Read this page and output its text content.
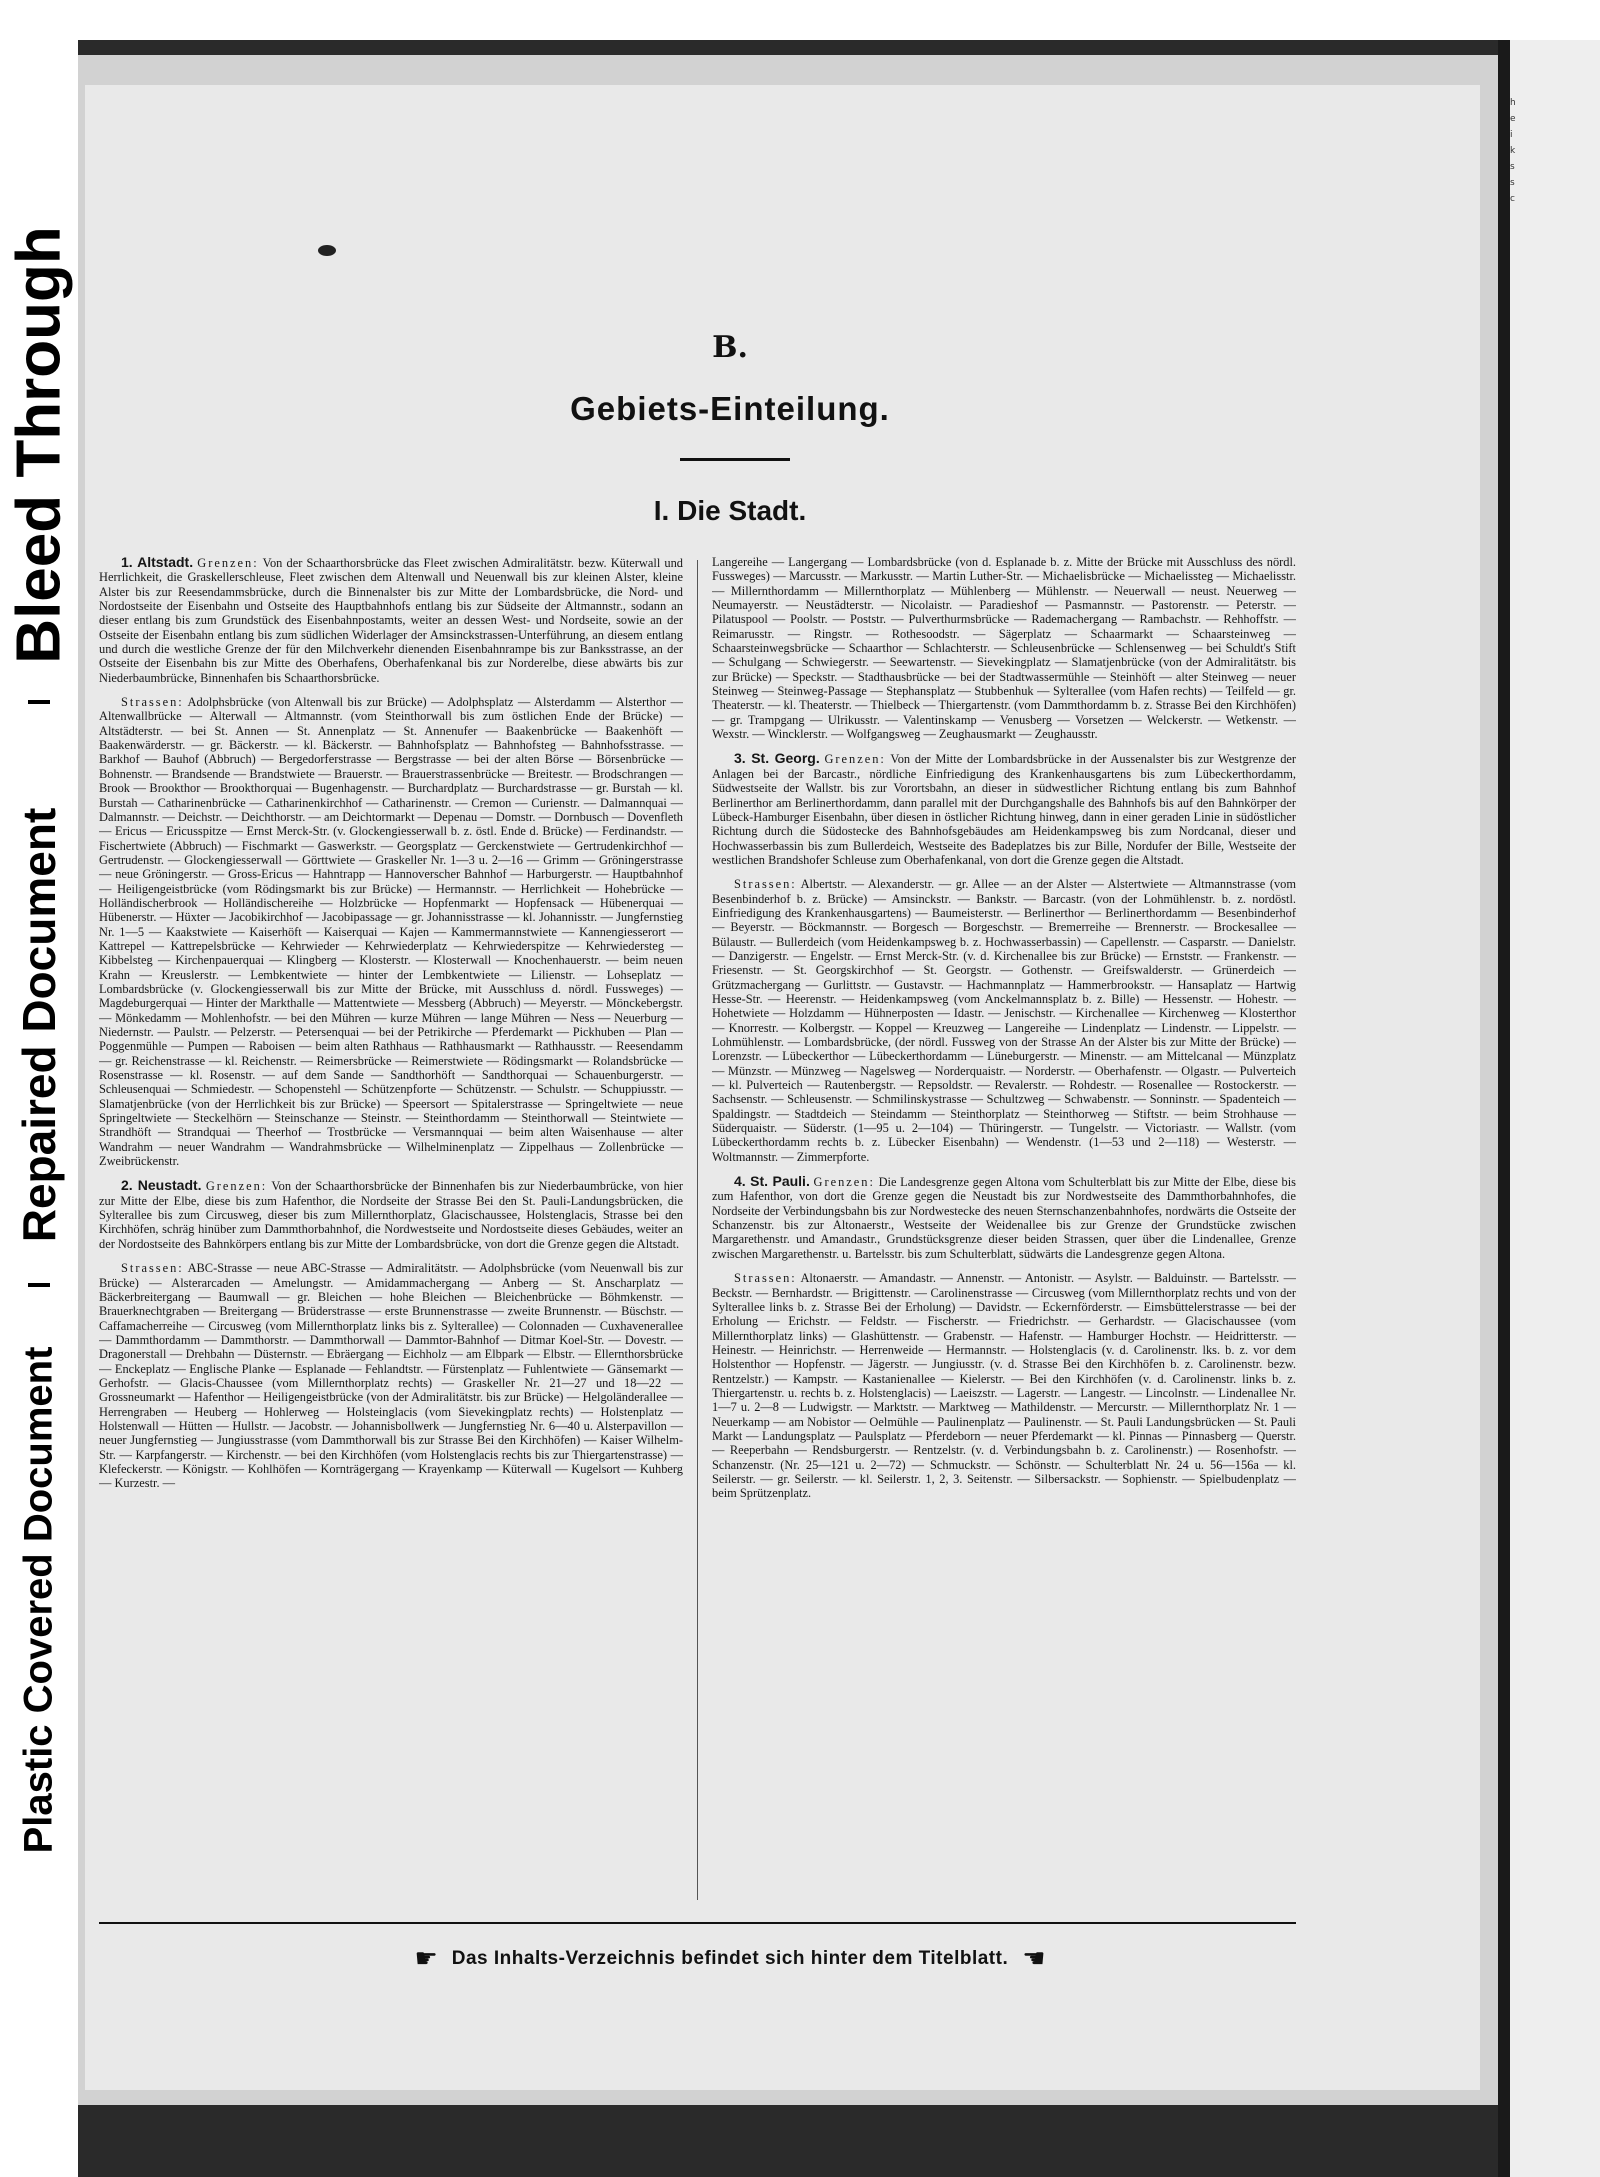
Bleed Through
Repaired Document
Plastic Covered Document
h
e
i
k
s
s
c
B.
Gebiets-Einteilung.
I. Die Stadt.

1. Altstadt. Grenzen: Von der Schaarthorsbrücke das Fleet zwischen Admiralitätstr. bezw. Küterwall und Herrlichkeit, die Graskellerschleuse, Fleet zwischen dem Altenwall und Neuenwall bis zur kleinen Alster, kleine Alster bis zur Reesendammsbrücke, durch die Binnenalster bis zur Mitte der Lombardsbrücke, die Nord- und Nordostseite der Eisenbahn und Ostseite des Hauptbahnhofs entlang bis zur Südseite der Altmannstr., sodann an dieser entlang bis zum Grundstück des Eisenbahnpostamts, weiter an dessen West- und Nordseite, sowie an der Ostseite der Eisenbahn entlang bis zum südlichen Widerlager der Amsinckstrassen-Unterführung, an diesem entlang und durch die westliche Grenze der für den Milchverkehr dienenden Eisenbahnrampe bis zur Banksstrasse, an der Ostseite der Eisenbahn bis zur Mitte des Oberhafens, Oberhafenkanal bis zur Norderelbe, diese abwärts bis zur Niederbaumbrücke, Binnenhafen bis Schaarthorsbrücke.

Strassen: Adolphsbrücke (von Altenwall bis zur Brücke) — Adolphsplatz — Alsterdamm — Alsterthor — Altenwallbrücke — Alterwall — Altmannstr. (vom Steinthorwall bis zum östlichen Ende der Brücke) — Altstädterstr. — bei St. Annen — St. Annenplatz — St. Annenufer — Baakenbrücke — Baakenhöft — Baakenwärderstr. — gr. Bäckerstr. — kl. Bäckerstr. — Bahnhofsplatz — Bahnhofsteg — Bahnhofsstrasse. — Barkhof — Bauhof (Abbruch) — Bergedorferstrasse — Bergstrasse — bei der alten Börse — Börsenbrücke — Bohnenstr. — Brandsende — Brandstwiete — Brauerstr. — Brauerstrassenbrücke — Breitestr. — Brodschrangen — Brook — Brookthor — Brookthorquai — Bugenhagenstr. — Burchardplatz — Burchardstrasse — gr. Burstah — kl. Burstah — Catharinenbrücke — Catharinenkirchhof — Catharinenstr. — Cremon — Curienstr. — Dalmannquai — Dalmannstr. — Deichstr. — Deichthorstr. — am Deichtormarkt — Depenau — Domstr. — Dornbusch — Dovenfleth — Ericus — Ericusspitze — Ernst Merck-Str. (v. Glockengiesserwall b. z. östl. Ende d. Brücke) — Ferdinandstr. — Fischertwiete (Abbruch) — Fischmarkt — Gaswerkstr. — Georgsplatz — Gerckenstwiete — Gertrudenkirchhof — Gertrudenstr. — Glockengiesserwall — Görttwiete — Graskeller Nr. 1—3 u. 2—16 — Grimm — Gröningerstrasse — neue Gröningerstr. — Gross-Ericus — Hahntrapp — Hannoverscher Bahnhof — Harburgerstr. — Hauptbahnhof — Heiligengeistbrücke (vom Rödingsmarkt bis zur Brücke) — Hermannstr. — Herrlichkeit — Hohebrücke — Holländischerbrook — Holländischereihe — Holzbrücke — Hopfenmarkt — Hopfensack — Hübenerquai — Hübenerstr. — Hüxter — Jacobikirchhof — Jacobipassage — gr. Johannisstrasse — kl. Johannisstr. — Jungfernstieg Nr. 1—5 — Kaakstwiete — Kaiserhöft — Kaiserquai — Kajen — Kammermannstwiete — Kannengiesserort — Kattrepel — Kattrepelsbrücke — Kehrwieder — Kehrwiederplatz — Kehrwiederspitze — Kehrwiedersteg — Kibbelsteg — Kirchenpauerquai — Klingberg — Klosterstr. — Klosterwall — Knochenhauerstr. — beim neuen Krahn — Kreuslerstr. — Lembkentwiete — hinter der Lembkentwiete — Lilienstr. — Lohseplatz — Lombardsbrücke (v. Glockengiesserwall bis zur Mitte der Brücke, mit Ausschluss d. nördl. Fussweges) — Magdeburgerquai — Hinter der Markthalle — Mattentwiete — Messberg (Abbruch) — Meyerstr. — Mönckebergstr. — Mönkedamm — Mohlenhofstr. — bei den Mühren — kurze Mühren — lange Mühren — Ness — Neuerburg — Niedernstr. — Paulstr. — Pelzerstr. — Petersenquai — bei der Petrikirche — Pferdemarkt — Pickhuben — Plan — Poggenmühle — Pumpen — Raboisen — beim alten Rathhaus — Rathhausmarkt — Rathhausstr. — Reesendamm — gr. Reichenstrasse — kl. Reichenstr. — Reimersbrücke — Reimerstwiete — Rödingsmarkt — Rolandsbrücke — Rosenstrasse — kl. Rosenstr. — auf dem Sande — Sandthorhöft — Sandthorquai — Schauenburgerstr. — Schleusenquai — Schmiedestr. — Schopenstehl — Schützenpforte — Schützenstr. — Schulstr. — Schuppiusstr. — Slamatjenbrücke (von der Herrlichkeit bis zur Brücke) — Speersort — Spitalerstrasse — Springeltwiete — neue Springeltwiete — Steckelhörn — Steinschanze — Steinstr. — Steinthordamm — Steinthorwall — Steintwiete — Strandhöft — Strandquai — Theerhof — Trostbrücke — Versmannquai — beim alten Waisenhause — alter Wandrahm — neuer Wandrahm — Wandrahmsbrücke — Wilhelminenplatz — Zippelhaus — Zollenbrücke — Zweibrückenstr.

2. Neustadt. Grenzen: Von der Schaarthorsbrücke der Binnenhafen bis zur Niederbaumbrücke, von hier zur Mitte der Elbe, diese bis zum Hafenthor, die Nordseite der Strasse Bei den St. Pauli-Landungsbrücken, die Sylterallee bis zum Circusweg, dieser bis zum Millernthorplatz, Glacischaussee, Holstenglacis, Strasse bei den Kirchhöfen, schräg hinüber zum Dammthorbahnhof, die Nordwestseite und Nordostseite dieses Gebäudes, weiter an der Nordostseite des Bahnkörpers entlang bis zur Mitte der Lombardsbrücke, von dort die Grenze gegen die Altstadt.

Strassen: ABC-Strasse — neue ABC-Strasse — Admiralitätstr. — Adolphsbrücke (vom Neuenwall bis zur Brücke) — Alsterarcaden — Amelungstr. — Amidammachergang — Anberg — St. Anscharplatz — Bäckerbreitergang — Baumwall — gr. Bleichen — hohe Bleichen — Bleichenbrücke — Böhmkenstr. — Brauerknechtgraben — Breitergang — Brüderstrasse — erste Brunnenstrasse — zweite Brunnenstr. — Büschstr. — Caffamacherreihe — Circusweg (vom Millernthorplatz links bis z. Sylterallee) — Colonnaden — Cuxhavenerallee — Dammthordamm — Dammthorstr. — Dammthorwall — Dammtor-Bahnhof — Ditmar Koel-Str. — Dovestr. — Dragonerstall — Drehbahn — Düsternstr. — Ebräergang — Eichholz — am Elbpark — Elbstr. — Ellernthorsbrücke — Enckeplatz — Englische Planke — Esplanade — Fehlandtstr. — Fürstenplatz — Fuhlentwiete — Gänsemarkt — Gerhofstr. — Glacis-Chaussee (vom Millernthorplatz rechts) — Graskeller Nr. 21—27 und 18—22 — Grossneumarkt — Hafenthor — Heiligengeistbrücke (von der Admiralitätstr. bis zur Brücke) — Helgoländerallee — Herrengraben — Heuberg — Hohlerweg — Holsteinglacis (vom Sievekingplatz rechts) — Holstenplatz — Holstenwall — Hütten — Hullstr. — Jacobstr. — Johannisbollwerk — Jungfernstieg Nr. 6—40 u. Alsterpavillon — neuer Jungfernstieg — Jungiusstrasse (vom Dammthorwall bis zur Strasse Bei den Kirchhöfen) — Kaiser Wilhelm-Str. — Karpfangerstr. — Kirchenstr. — bei den Kirchhöfen (vom Holstenglacis rechts bis zur Thiergartenstrasse) — Klefeckerstr. — Königstr. — Kohlhöfen — Kornträgergang — Krayenkamp — Küterwall — Kugelsort — Kuhberg — Kurzestr. —

Langereihe — Langergang — Lombardsbrücke (von d. Esplanade b. z. Mitte der Brücke mit Ausschluss des nördl. Fussweges) — Marcusstr. — Markusstr. — Martin Luther-Str. — Michaelisbrücke — Michaelissteg — Michaelisstr. — Millernthordamm — Millernthorplatz — Mühlenberg — Mühlenstr. — Neuerwall — neust. Neuerweg — Neumayerstr. — Neustädterstr. — Nicolaistr. — Paradieshof — Pasmannstr. — Pastorenstr. — Peterstr. — Pilatuspool — Poolstr. — Poststr. — Pulverthurmsbrücke — Rademachergang — Rambachstr. — Rehhoffstr. — Reimarusstr. — Ringstr. — Rothesoodstr. — Sägerplatz — Schaarmarkt — Schaarsteinweg — Schaarsteinwegsbrücke — Schaarthor — Schlachterstr. — Schleusenbrücke — Schlensenweg — bei Schuldt's Stift — Schulgang — Schwiegerstr. — Seewartenstr. — Sievekingplatz — Slamatjenbrücke (von der Admiralitätstr. bis zur Brücke) — Speckstr. — Stadthausbrücke — bei der Stadtwassermühle — Steinhöft — alter Steinweg — neuer Steinweg — Steinweg-Passage — Stephansplatz — Stubbenhuk — Sylterallee (vom Hafen rechts) — Teilfeld — gr. Theaterstr. — kl. Theaterstr. — Thielbeck — Thiergartenstr. (vom Dammthordamm b. z. Strasse Bei den Kirchhöfen) — gr. Trampgang — Ulrikusstr. — Valentinskamp — Venusberg — Vorsetzen — Welckerstr. — Wetkenstr. — Wexstr. — Wincklerstr. — Wolfgangsweg — Zeughausmarkt — Zeughausstr.

3. St. Georg. Grenzen: Von der Mitte der Lombardsbrücke in der Aussenalster bis zur Westgrenze der Anlagen bei der Barcastr., nördliche Einfriedigung des Krankenhausgartens bis zum Lübeckerthordamm, Südwestseite der Wallstr. bis zur Vorortsbahn, an dieser in südwestlicher Richtung entlang bis zum Bahnhof Berlinerthor am Berlinerthordamm, dann parallel mit der Durchgangshalle des Bahnhofs bis auf den Bahnkörper der Lübeck-Hamburger Eisenbahn, über diesen in östlicher Richtung hinweg, dann in einer geraden Linie in südöstlicher Richtung durch die Südostecke des Bahnhofsgebäudes am Heidenkampsweg bis zum Nordcanal, dieser und Hochwasserbassin bis zum Bullerdeich, Westseite des Badeplatzes bis zur Bille, Nordufer der Bille, Westseite der westlichen Brandshofer Schleuse zum Oberhafenkanal, von dort die Grenze gegen die Altstadt.

Strassen: Albertstr. — Alexanderstr. — gr. Allee — an der Alster — Alstertwiete — Altmannstrasse (vom Besenbinderhof b. z. Brücke) — Amsinckstr. — Bankstr. — Barcastr. (von der Lohmühlenstr. b. z. nordöstl. Einfriedigung des Krankenhausgartens) — Baumeisterstr. — Berlinerthor — Berlinerthordamm — Besenbinderhof — Beyerstr. — Böckmannstr. — Borgesch — Borgeschstr. — Bremerreihe — Brennerstr. — Brockesallee — Bülaustr. — Bullerdeich (vom Heidenkampsweg b. z. Hochwasserbassin) — Capellenstr. — Casparstr. — Danielstr. — Danzigerstr. — Engelstr. — Ernst Merck-Str. (v. d. Kirchenallee bis zur Brücke) — Ernststr. — Frankenstr. — Friesenstr. — St. Georgskirchhof — St. Georgstr. — Gothenstr. — Greifswalderstr. — Grünerdeich — Grützmachergang — Gurlittstr. — Gustavstr. — Hachmannplatz — Hammerbrookstr. — Hansaplatz — Hartwig Hesse-Str. — Heerenstr. — Heidenkampsweg (vom Anckelmannsplatz b. z. Bille) — Hessenstr. — Hohestr. — Hohetwiete — Holzdamm — Hühnerposten — Idastr. — Jenischstr. — Kirchenallee — Kirchenweg — Klosterthor — Knorrestr. — Kolbergstr. — Koppel — Kreuzweg — Langereihe — Lindenplatz — Lindenstr. — Lippelstr. — Lohmühlenstr. — Lombardsbrücke, (der nördl. Fussweg von der Strasse An der Alster bis zur Mitte der Brücke) — Lorenzstr. — Lübeckerthor — Lübeckerthordamm — Lüneburgerstr. — Minenstr. — am Mittelcanal — Münzplatz — Münzstr. — Münzweg — Nagelsweg — Norderquaistr. — Norderstr. — Oberhafenstr. — Olgastr. — Pulverteich — kl. Pulverteich — Rautenbergstr. — Repsoldstr. — Revalerstr. — Rohdestr. — Rosenallee — Rostockerstr. — Sachsenstr. — Schleusenstr. — Schmilinskystrasse — Schultzweg — Schwabenstr. — Sonninstr. — Spadenteich — Spaldingstr. — Stadtdeich — Steindamm — Steinthorplatz — Steinthorweg — Stiftstr. — beim Strohhause — Süderquaistr. — Süderstr. (1—95 u. 2—104) — Thüringerstr. — Tungelstr. — Victoriastr. — Wallstr. (vom Lübeckerthordamm rechts b. z. Lübecker Eisenbahn) — Wendenstr. (1—53 und 2—118) — Westerstr. — Woltmannstr. — Zimmerpforte.

4. St. Pauli. Grenzen: Die Landesgrenze gegen Altona vom Schulterblatt bis zur Mitte der Elbe, diese bis zum Hafenthor, von dort die Grenze gegen die Neustadt bis zur Nordwestseite des Dammthorbahnhofes, die Nordseite der Verbindungsbahn bis zur Nordwestecke des neuen Sternschanzenbahnhofes, nordwärts die Ostseite der Schanzenstr. bis zur Altonaerstr., Westseite der Weidenallee bis zur Grenze der Grundstücke zwischen Margarethenstr. und Amandastr., Grundstücksgrenze dieser beiden Strassen, quer über die Lindenallee, Grenze zwischen Margarethenstr. u. Bartelsstr. bis zum Schulterblatt, südwärts die Landesgrenze gegen Altona.

Strassen: Altonaerstr. — Amandastr. — Annenstr. — Antonistr. — Asylstr. — Balduinstr. — Bartelsstr. — Beckstr. — Bernhardstr. — Brigittenstr. — Carolinenstrasse — Circusweg (vom Millernthorplatz rechts und von der Sylterallee links b. z. Strasse Bei der Erholung) — Davidstr. — Eckernförderstr. — Eimsbüttelerstrasse — bei der Erholung — Erichstr. — Feldstr. — Fischerstr. — Friedrichstr. — Gerhardstr. — Glacischaussee (vom Millernthorplatz links) — Glashüttenstr. — Grabenstr. — Hafenstr. — Hamburger Hochstr. — Heidritterstr. — Heinestr. — Heinrichstr. — Herrenweide — Hermannstr. — Holstenglacis (v. d. Carolinenstr. lks. b. z. vor dem Holstenthor — Hopfenstr. — Jägerstr. — Jungiusstr. (v. d. Strasse Bei den Kirchhöfen b. z. Carolinenstr. bezw. Rentzelstr.) — Kampstr. — Kastanienallee — Kielerstr. — Bei den Kirchhöfen (v. d. Carolinenstr. links b. z. Thiergartenstr. u. rechts b. z. Holstenglacis) — Laeiszstr. — Lagerstr. — Langestr. — Lincolnstr. — Lindenallee Nr. 1—7 u. 2—8 — Ludwigstr. — Marktstr. — Marktweg — Mathildenstr. — Mercurstr. — Millernthorplatz Nr. 1 — Neuerkamp — am Nobistor — Oelmühle — Paulinenplatz — Paulinenstr. — St. Pauli Landungsbrücken — St. Pauli Markt — Landungsplatz — Paulsplatz — Pferdeborn — neuer Pferdemarkt — kl. Pinnas — Pinnasberg — Querstr. — Reeperbahn — Rendsburgerstr. — Rentzelstr. (v. d. Verbindungsbahn b. z. Carolinenstr.) — Rosenhofstr. — Schanzenstr. (Nr. 25—121 u. 2—72) — Schmuckstr. — Schönstr. — Schulterblatt Nr. 24 u. 56—156a — kl. Seilerstr. — gr. Seilerstr. — kl. Seilerstr. 1, 2, 3. Seitenstr. — Silbersackstr. — Sophienstr. — Spielbudenplatz — beim Sprützenplatz.

☛ Das Inhalts-Verzeichnis befindet sich hinter dem Titelblatt. ☚
